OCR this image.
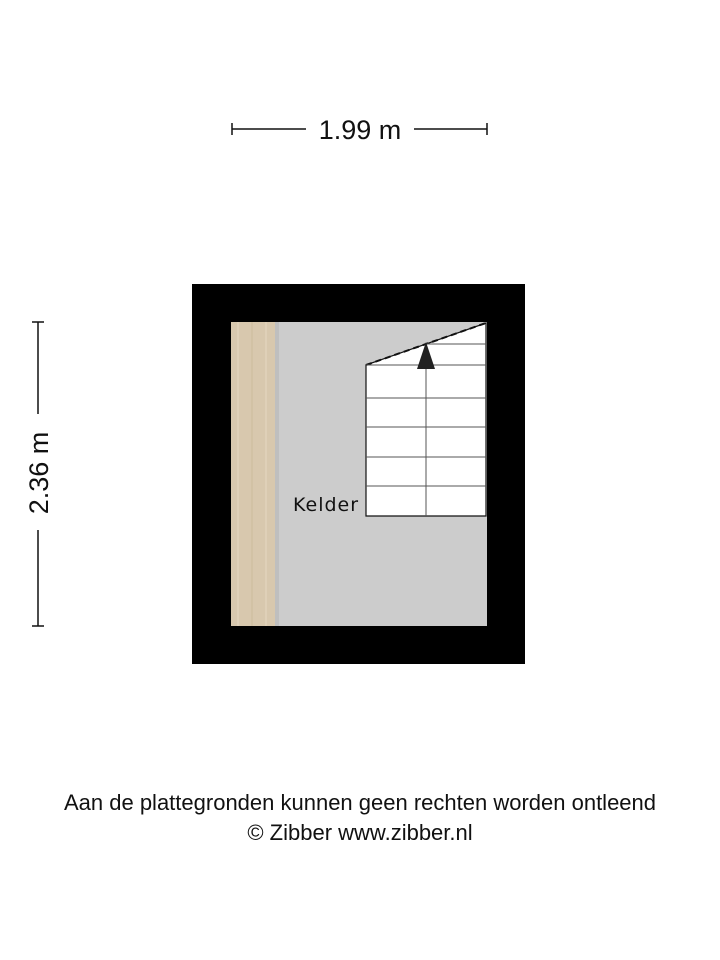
1.99 m
2.36 m	Kelder
Aan de plattegronden kunnen geen rechten worden ontleend
© Zibber www.zibber.nl
